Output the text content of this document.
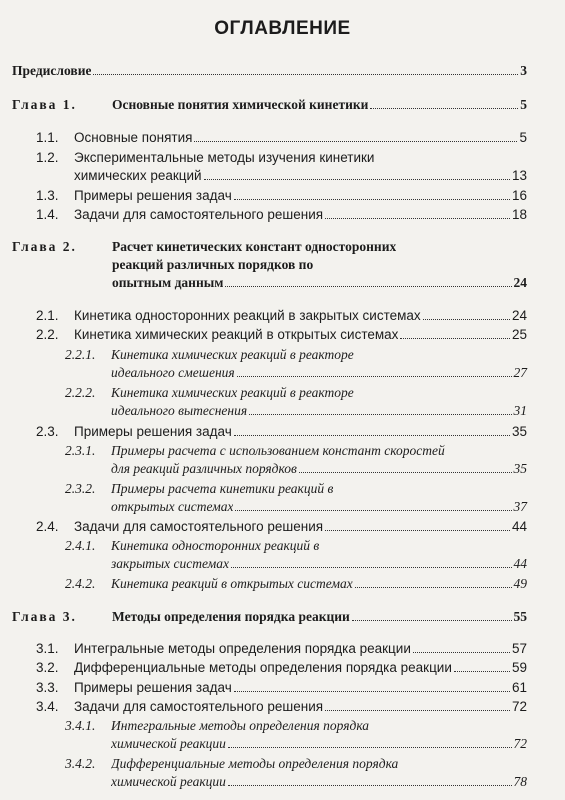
ОГЛАВЛЕНИЕ
Предисловие	3
Глава 1.	Основные понятия химической кинетики	5
1.1.	Основные понятия	5
1.2.	Экспериментальные методы изучения кинетики
химических реакций	13
1.3.	Примеры решения задач	16
1.4.	Задачи для самостоятельного решения	18
Глава 2.	Расчет кинетических констант односторонних
реакций различных порядков по
опытным данным	24
2.1.	Кинетика односторонних реакций в закрытых системах	24
2.2.	Кинетика химических реакций в открытых системах	25
2.2.1.	Кинетика химических реакций в реакторе
идеального смешения	27
2.2.2.	Кинетика химических реакций в реакторе
идеального вытеснения	31
2.3.	Примеры решения задач	35
2.3.1.	Примеры расчета с использованием констант скоростей
для реакций различных порядков	35
2.3.2.	Примеры расчета кинетики реакций в
открытых системах	37
2.4.	Задачи для самостоятельного решения	44
2.4.1.	Кинетика односторонних реакций в
закрытых системах	44
2.4.2.	Кинетика реакций в открытых системах	49
Глава 3.	Методы определения порядка реакции	55
3.1.	Интегральные методы определения порядка реакции	57
3.2.	Дифференциальные методы определения порядка реакции	59
3.3.	Примеры решения задач	61
3.4.	Задачи для самостоятельного решения	72
3.4.1.	Интегральные методы определения порядка
химической реакции	72
3.4.2.	Дифференциальные методы определения порядка
химической реакции	78
